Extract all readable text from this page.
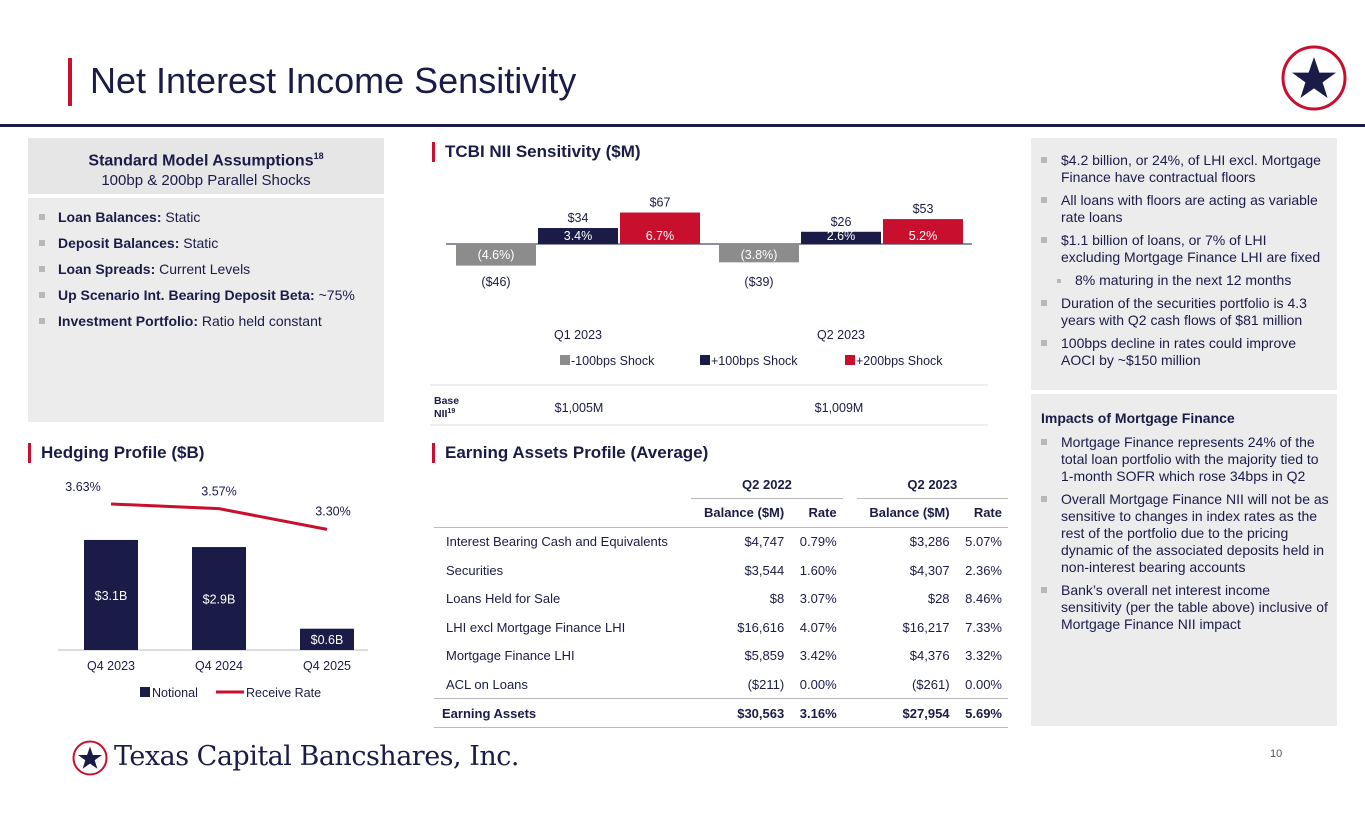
Net Interest Income Sensitivity
Standard Model Assumptions$^{18}$
100bp & 200bp Parallel Shocks
Loan Balances: Static
Deposit Balances: Static
Loan Spreads: Current Levels
Up Scenario Int. Bearing Deposit Beta: ~75%
Investment Portfolio: Ratio held constant
TCBI NII Sensitivity ($M)
(4.6%)
($46)
3.4%
$34
6.7%
$67
Q1 2023
(3.8%)
($39)
2.6%
$26
5.2%
$53
Q2 2023
-100bps Shock	+100bps Shock	+200bps Shock
Base
NII$^{19}$	$1,005M	$1,009M
Hedging Profile ($B)
$3.1B
Q4 2023
3.63%
$2.9B
Q4 2024
3.57%
$0.6B
Q4 2025
3.30%
Notional	Receive Rate
Earning Assets Profile (Average)
	Q2 2022			Q2 2023	
	Balance ($M)	Rate		Balance ($M)	Rate
Interest Bearing Cash and Equivalents	$4,747	0.79%		$3,286	5.07%
Securities	$3,544	1.60%		$4,307	2.36%
Loans Held for Sale	$8	3.07%		$28	8.46%
LHI excl Mortgage Finance LHI	$16,616	4.07%		$16,217	7.33%
Mortgage Finance LHI	$5,859	3.42%		$4,376	3.32%
ACL on Loans	($211)	0.00%		($261)	0.00%
Earning Assets	$30,563	3.16%		$27,954	5.69%
$4.2 billion, or 24%, of LHI excl. Mortgage Finance have contractual floors
All loans with floors are acting as variable rate loans
$1.1 billion of loans, or 7% of LHI excluding Mortgage Finance LHI are fixed
8% maturing in the next 12 months
Duration of the securities portfolio is 4.3 years with Q2 cash flows of $81 million
100bps decline in rates could improve AOCI by ~$150 million
Impacts of Mortgage Finance
Mortgage Finance represents 24% of the total loan portfolio with the majority tied to 1-month SOFR which rose 34bps in Q2
Overall Mortgage Finance NII will not be as sensitive to changes in index rates as the rest of the portfolio due to the pricing dynamic of the associated deposits held in non-interest bearing accounts
Bank’s overall net interest income sensitivity (per the table above) inclusive of Mortgage Finance NII impact
Texas Capital Bancshares, Inc.	10
